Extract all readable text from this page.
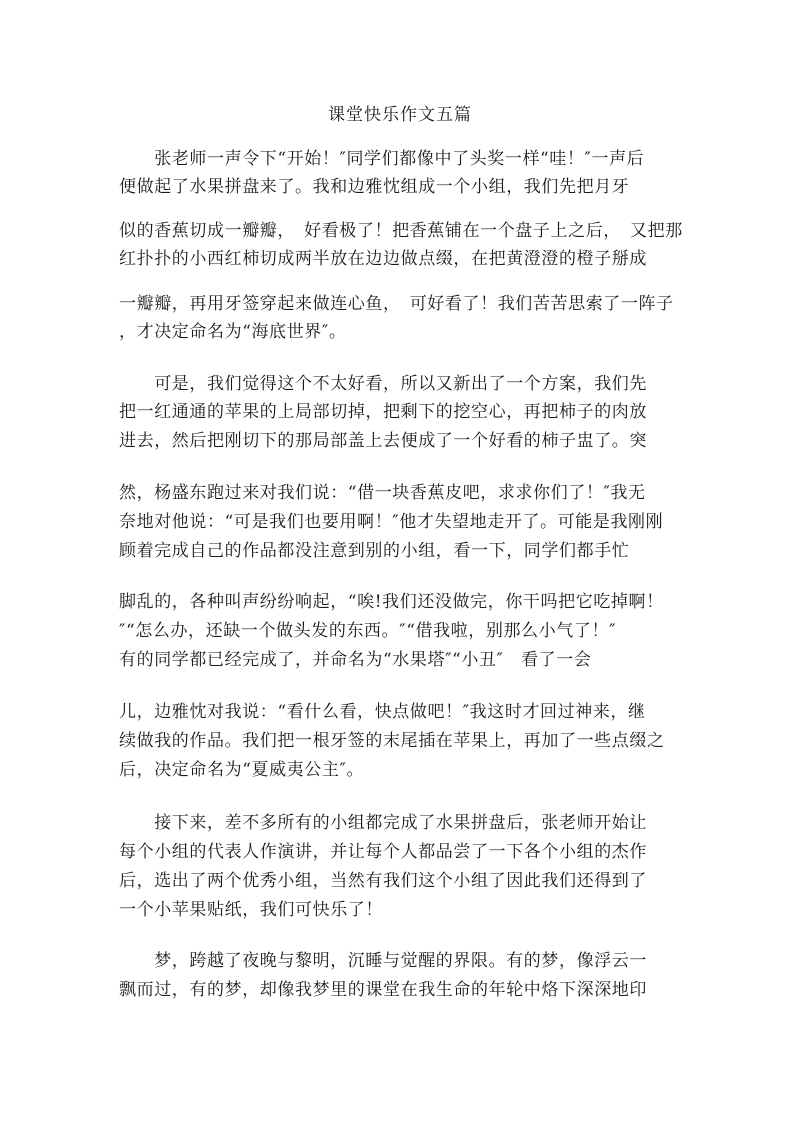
课堂快乐作文五篇
　　张老师一声令下“开始！″同学们都像中了头奖一样“哇！″一声后
便做起了水果拼盘来了。我和边雅忱组成一个小组，我们先把月牙
似的香蕉切成一瓣瓣，　好看极了！把香蕉铺在一个盘子上之后，　又把那
红扑扑的小西红柿切成两半放在边边做点缀，在把黄澄澄的橙子掰成
一瓣瓣，再用牙签穿起来做连心鱼，　可好看了！我们苦苦思索了一阵子
，才决定命名为“海底世界″。
　　可是，我们觉得这个不太好看，所以又新出了一个方案，我们先
把一红通通的苹果的上局部切掉，把剩下的挖空心，再把柿子的肉放
进去，然后把刚切下的那局部盖上去便成了一个好看的柿子盅了。突
然，杨盛东跑过来对我们说：“借一块香蕉皮吧，求求你们了！″我无
奈地对他说：“可是我们也要用啊！″他才失望地走开了。可能是我刚刚
顾着完成自己的作品都没注意到别的小组，看一下，同学们都手忙
脚乱的，各种叫声纷纷响起，“唉!我们还没做完，你干吗把它吃掉啊！
″“怎么办，还缺一个做头发的东西。″“借我啦，别那么小气了！″
有的同学都已经完成了，并命名为“水果塔″“小丑″　看了一会
儿，边雅忱对我说：“看什么看，快点做吧！″我这时才回过神来，继
续做我的作品。我们把一根牙签的末尾插在苹果上，再加了一些点缀之
后，决定命名为“夏威夷公主″。
　　接下来，差不多所有的小组都完成了水果拼盘后，张老师开始让
每个小组的代表人作演讲，并让每个人都品尝了一下各个小组的杰作
后，选出了两个优秀小组，当然有我们这个小组了因此我们还得到了
一个小苹果贴纸，我们可快乐了！
　　梦，跨越了夜晚与黎明，沉睡与觉醒的界限。有的梦，像浮云一
飘而过，有的梦，却像我梦里的课堂在我生命的年轮中烙下深深地印
